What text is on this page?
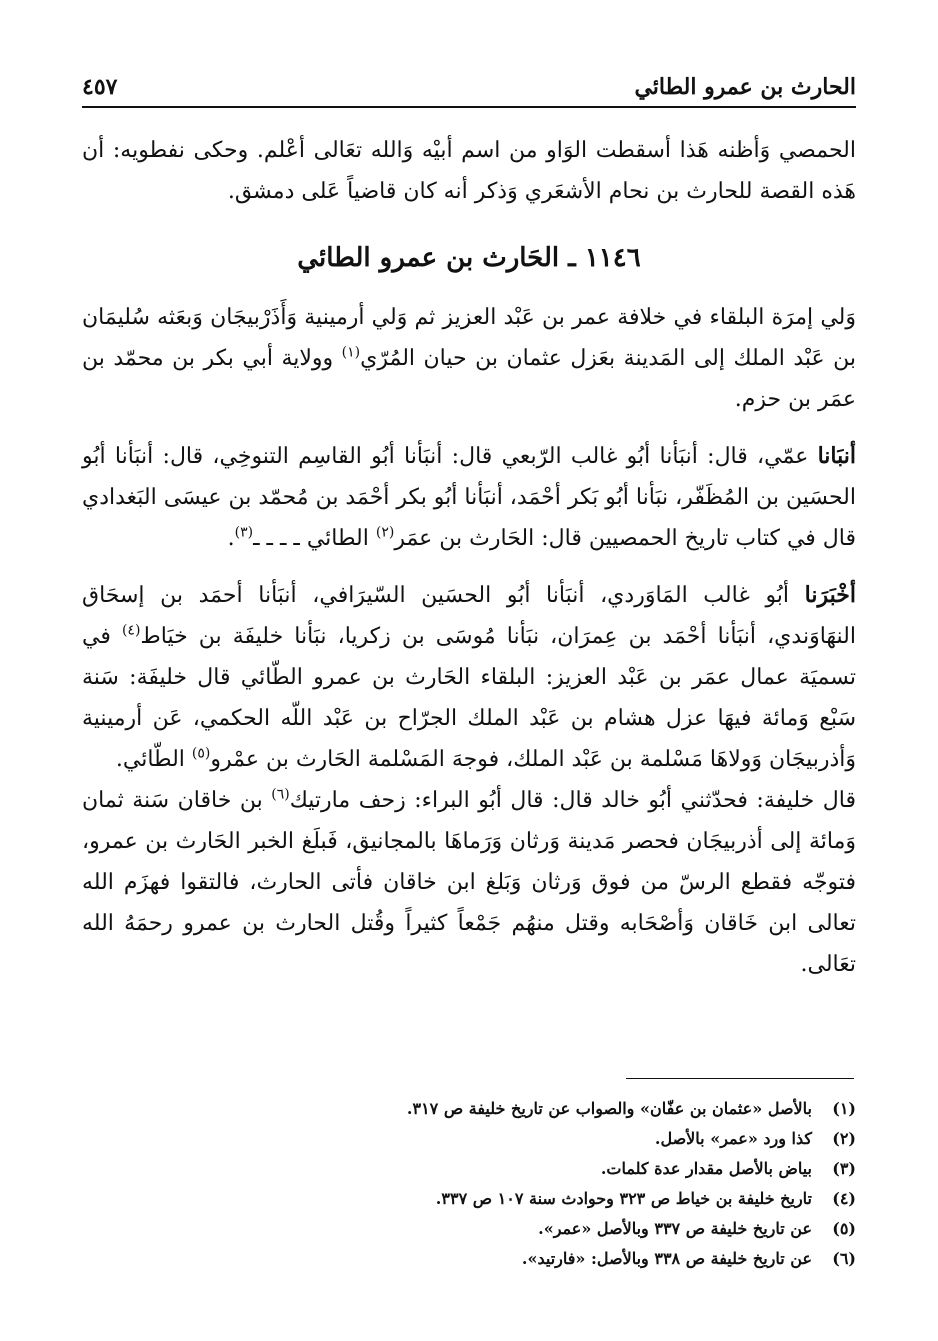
الحارث بن عمرو الطائي
٤٥٧

الحمصي وَأظنه هَذا أسقطت الوَاو من اسم أبيْه وَالله تعَالى أعْلم. وحكى نفطويه: أن هَذه القصة للحارث بن نحام الأشعَري وَذكر أنه كان قاضياً عَلى دمشق.

١١٤٦ ـ الحَارث بن عمرو الطائي

وَلي إمرَة البلقاء في خلافة عمر بن عَبْد العزيز ثم وَلي أرمينية وَأَذَرْبيجَان وَبعَثه سُليمَان بن عَبْد الملك إلى المَدينة بعَزل عثمان بن حيان المُرّي$^{(١)}$ وولاية أبي بكر بن محمّد بن عمَر بن حزم.

أنبَانا عمّي، قال: أنبَأنا أبُو غالب الرّبعي قال: أنبَأنا أبُو القاسِم التنوخِي، قال: أنبَأنا أبُو الحسَين بن المُظَفّر، نبَأنا أبُو بَكر أحْمَد، أنبَأنا أبُو بكر أحْمَد بن مُحمّد بن عيسَى البَغدادي قال في كتاب تاريخ الحمصيين قال: الحَارث بن عمَر$^{(٢)}$ الطائي ـ ـ ـ ـ$^{(٣)}$.

أخْبَرَنا أبُو غالب المَاوَردي، أنبَأنا أبُو الحسَين السّيرَافي، أنبَأنا أحمَد بن إسحَاق النهَاوَندي، أنبَأنا أحْمَد بن عِمرَان، نبَأنا مُوسَى بن زكريا، نبَأنا خليفَة بن خيَاط$^{(٤)}$ في تسميَة عمال عمَر بن عَبْد العزيز: البلقاء الحَارث بن عمرو الطّائي قال خليفَة: سَنة سَبْع وَمائة فيهَا عزل هشام بن عَبْد الملك الجرّاح بن عَبْد اللّه الحكمي، عَن أرمينية وَأذربيجَان وَولاهَا مَسْلمة بن عَبْد الملك، فوجهَ المَسْلمة الحَارث بن عمْرو$^{(٥)}$ الطّائي.

قال خليفة: فحدّثني أبُو خالد قال: قال أبُو البراء: زحف مارتيك$^{(٦)}$ بن خاقان سَنة ثمان وَمائة إلى أذربيجَان فحصر مَدينة وَرثان وَرَماهَا بالمجانيق، فَبلَغ الخبر الحَارث بن عمرو، فتوجّه فقطع الرسّ من فوق وَرثان وَبَلغ ابن خاقان فأتى الحارث، فالتقوا فهزَم الله تعالى ابن خَاقان وَأصْحَابه وقتل منهُم جَمْعاً كثيراً وقُتل الحارث بن عمرو رحمَهُ الله تعَالى.

(١)
بالأصل «عثمان بن عفّان» والصواب عن تاريخ خليفة ص ٣١٧.
(٢)
كذا ورد «عمر» بالأصل.
(٣)
بياض بالأصل مقدار عدة كلمات.
(٤)
تاريخ خليفة بن خياط ص ٣٢٣ وحوادث سنة ١٠٧ ص ٣٣٧.
(٥)
عن تاريخ خليفة ص ٣٣٧ وبالأصل «عمر».
(٦)
عن تاريخ خليفة ص ٣٣٨ وبالأصل: «فارتيد».
